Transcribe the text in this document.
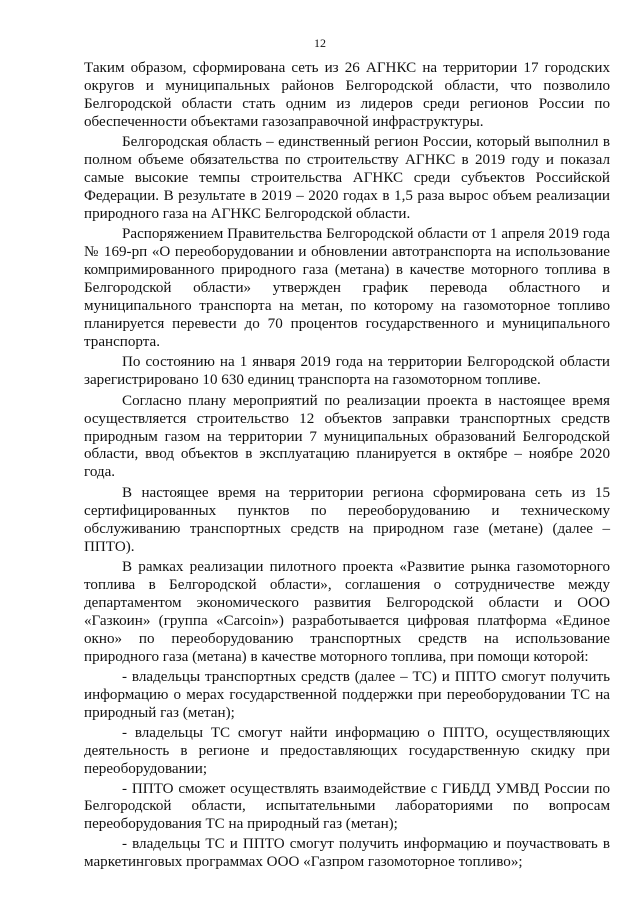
12

Таким образом, сформирована сеть из 26 АГНКС на территории 17 городских округов и муниципальных районов Белгородской области, что позволило Белгородской области стать одним из лидеров среди регионов России по обеспеченности объектами газозаправочной инфраструктуры.

Белгородская область – единственный регион России, который выполнил в полном объеме обязательства по строительству АГНКС в 2019 году и показал самые высокие темпы строительства АГНКС среди субъектов Российской Федерации. В результате в 2019 – 2020 годах в 1,5 раза вырос объем реализации природного газа на АГНКС Белгородской области.

Распоряжением Правительства Белгородской области от 1 апреля 2019 года № 169-рп «О переоборудовании и обновлении автотранспорта на использование компримированного природного газа (метана) в качестве моторного топлива в Белгородской области» утвержден график перевода областного и муниципального транспорта на метан, по которому на газомоторное топливо планируется перевести до 70 процентов государственного и муниципального транспорта.

По состоянию на 1 января 2019 года на территории Белгородской области зарегистрировано 10 630 единиц транспорта на газомоторном топливе.

Согласно плану мероприятий по реализации проекта в настоящее время осуществляется строительство 12 объектов заправки транспортных средств природным газом на территории 7 муниципальных образований Белгородской области, ввод объектов в эксплуатацию планируется в октябре – ноябре 2020 года.

В настоящее время на территории региона сформирована сеть из 15 сертифицированных пунктов по переоборудованию и техническому обслуживанию транспортных средств на природном газе (метане) (далее – ППТО).

В рамках реализации пилотного проекта «Развитие рынка газомоторного топлива в Белгородской области», соглашения о сотрудничестве между департаментом экономического развития Белгородской области и ООО «Газкоин» (группа «Carcoin») разработывается цифровая платформа «Единое окно» по переоборудованию транспортных средств на использование природного газа (метана) в качестве моторного топлива, при помощи которой:

- владельцы транспортных средств (далее – ТС) и ППТО смогут получить информацию о мерах государственной поддержки при переоборудовании ТС на природный газ (метан);

- владельцы ТС смогут найти информацию о ППТО, осуществляющих деятельность в регионе и предоставляющих государственную скидку при переоборудовании;

- ППТО сможет осуществлять взаимодействие с ГИБДД УМВД России по Белгородской области, испытательными лабораториями по вопросам переоборудования ТС на природный газ (метан);

- владельцы ТС и ППТО смогут получить информацию и поучаствовать в маркетинговых программах ООО «Газпром газомоторное топливо»;
